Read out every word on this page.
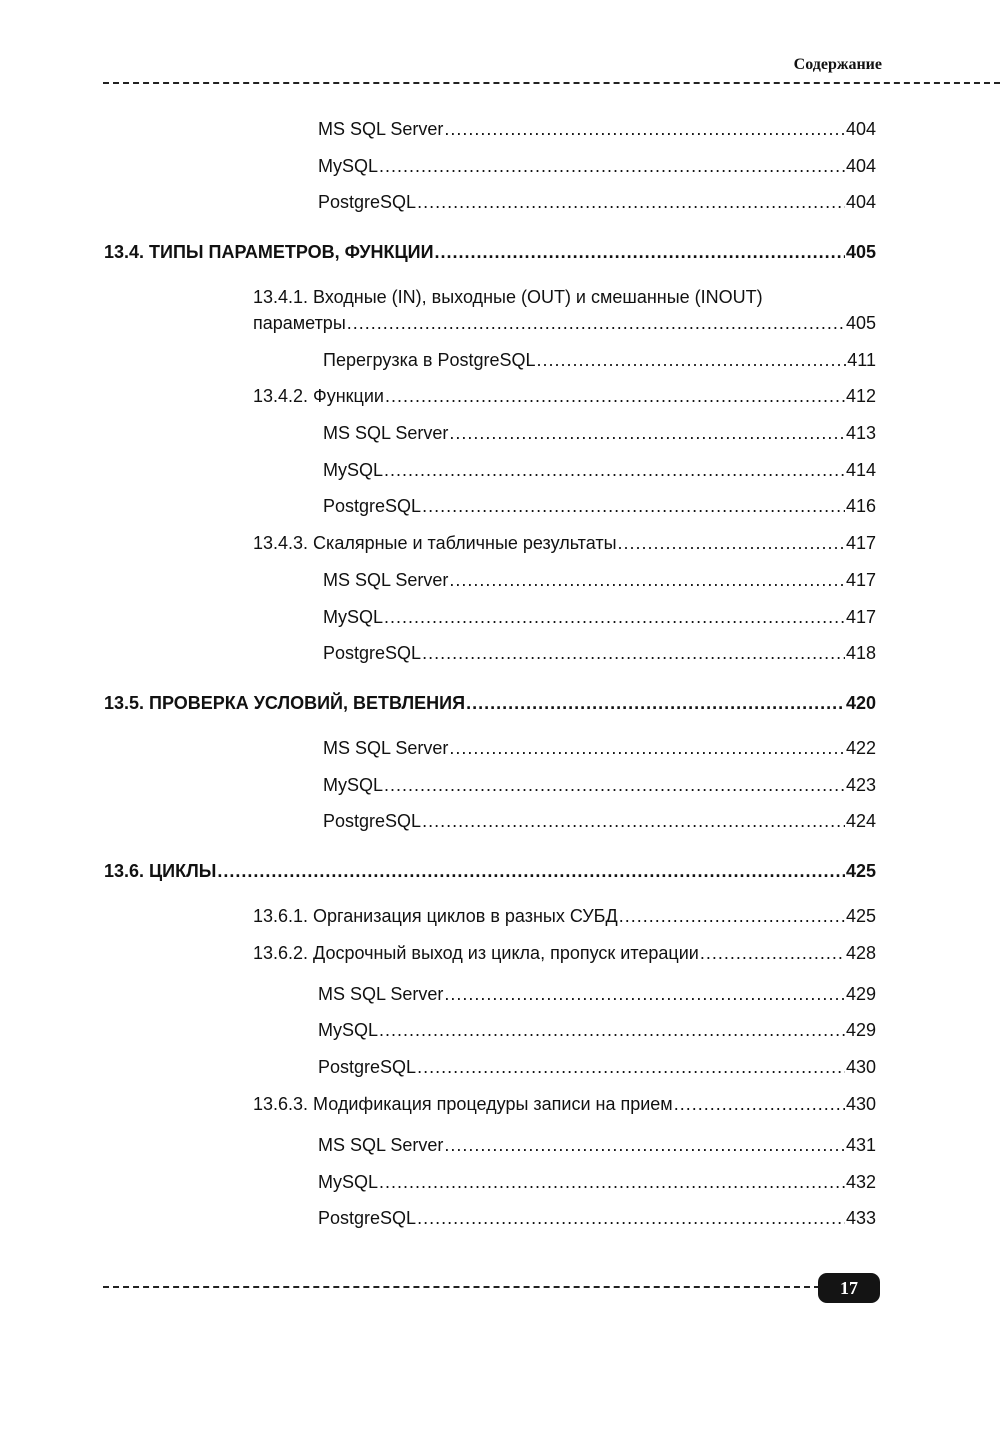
Содержание
MS SQL Server .....	404
MySQL .....	404
PostgreSQL .....	404
13.4. ТИПЫ ПАРАМЕТРОВ, ФУНКЦИИ .....	405
13.4.1. Входные (IN), выходные (OUT) и смешанные (INOUT)
параметры .....	405
Перегрузка в PostgreSQL .....	411
13.4.2. Функции .....	412
MS SQL Server .....	413
MySQL .....	414
PostgreSQL .....	416
13.4.3. Скалярные и табличные результаты .....	417
MS SQL Server .....	417
MySQL .....	417
PostgreSQL .....	418
13.5. ПРОВЕРКА УСЛОВИЙ, ВЕТВЛЕНИЯ .....	420
MS SQL Server .....	422
MySQL .....	423
PostgreSQL .....	424
13.6. ЦИКЛЫ .....	425
13.6.1. Организация циклов в разных СУБД .....	425
13.6.2. Досрочный выход из цикла, пропуск итерации .....	428
MS SQL Server .....	429
MySQL .....	429
PostgreSQL .....	430
13.6.3. Модификация процедуры записи на прием .....	430
MS SQL Server .....	431
MySQL .....	432
PostgreSQL .....	433
17
